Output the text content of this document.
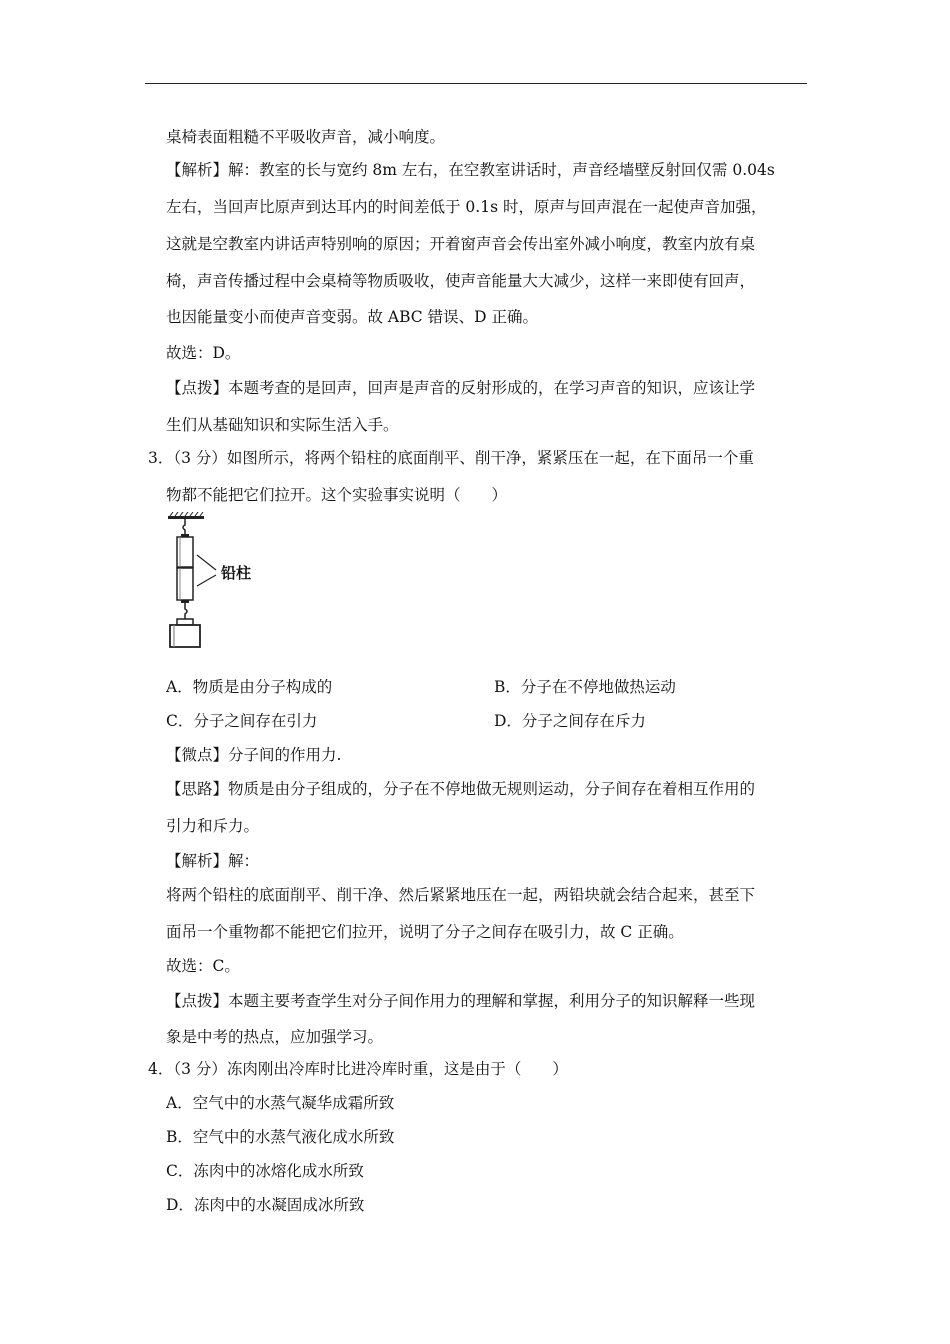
桌椅表面粗糙不平吸收声音，减小响度。
【解析】解：教室的长与宽约 8m 左右，在空教室讲话时，声音经墙壁反射回仅需 0.04s
左右，当回声比原声到达耳内的时间差低于 0.1s 时，原声与回声混在一起使声音加强，
这就是空教室内讲话声特别响的原因；开着窗声音会传出室外减小响度，教室内放有桌
椅，声音传播过程中会桌椅等物质吸收，使声音能量大大减少，这样一来即使有回声，
也因能量变小而使声音变弱。故 ABC 错误、D 正确。
故选：D。
【点拨】本题考查的是回声，回声是声音的反射形成的，在学习声音的知识，应该让学
生们从基础知识和实际生活入手。
3．（3 分）如图所示，将两个铅柱的底面削平、削干净，紧紧压在一起，在下面吊一个重
物都不能把它们拉开。这个实验事实说明（　　）
铅柱
A．物质是由分子构成的	B．分子在不停地做热运动
C．分子之间存在引力	D．分子之间存在斥力
【微点】分子间的作用力.
【思路】物质是由分子组成的，分子在不停地做无规则运动，分子间存在着相互作用的
引力和斥力。
【解析】解：
将两个铅柱的底面削平、削干净、然后紧紧地压在一起，两铅块就会结合起来，甚至下
面吊一个重物都不能把它们拉开，说明了分子之间存在吸引力，故 C 正确。
故选：C。
【点拨】本题主要考查学生对分子间作用力的理解和掌握，利用分子的知识解释一些现
象是中考的热点，应加强学习。
4．（3 分）冻肉刚出冷库时比进冷库时重，这是由于（　　）
A．空气中的水蒸气凝华成霜所致
B．空气中的水蒸气液化成水所致
C．冻肉中的冰熔化成水所致
D．冻肉中的水凝固成冰所致
